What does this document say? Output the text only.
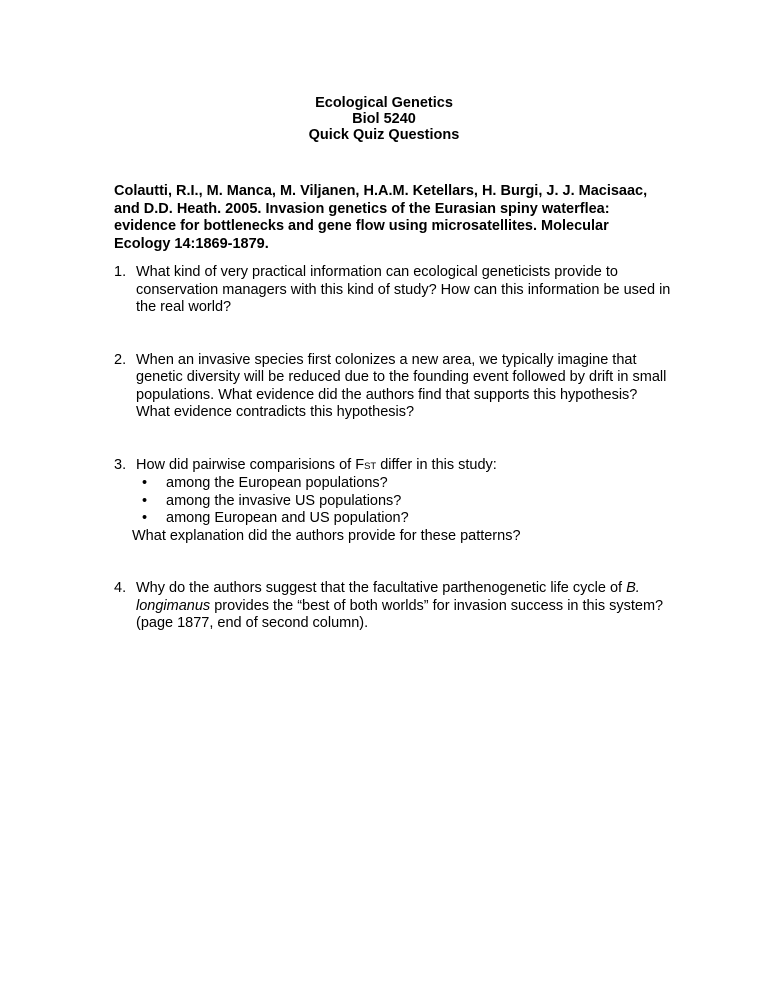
Ecological Genetics
Biol 5240
Quick Quiz Questions
Colautti, R.I., M. Manca, M. Viljanen, H.A.M. Ketellars, H. Burgi, J. J. Macisaac, and D.D. Heath. 2005. Invasion genetics of the Eurasian spiny waterflea: evidence for bottlenecks and gene flow using microsatellites. Molecular Ecology 14:1869-1879.
1. What kind of very practical information can ecological geneticists provide to conservation managers with this kind of study? How can this information be used in the real world?
2. When an invasive species first colonizes a new area, we typically imagine that genetic diversity will be reduced due to the founding event followed by drift in small populations. What evidence did the authors find that supports this hypothesis? What evidence contradicts this hypothesis?
3. How did pairwise comparisions of FST differ in this study:
• among the European populations?
• among the invasive US populations?
• among European and US population?
What explanation did the authors provide for these patterns?
4. Why do the authors suggest that the facultative parthenogenetic life cycle of B. longimanus provides the “best of both worlds” for invasion success in this system? (page 1877, end of second column).
